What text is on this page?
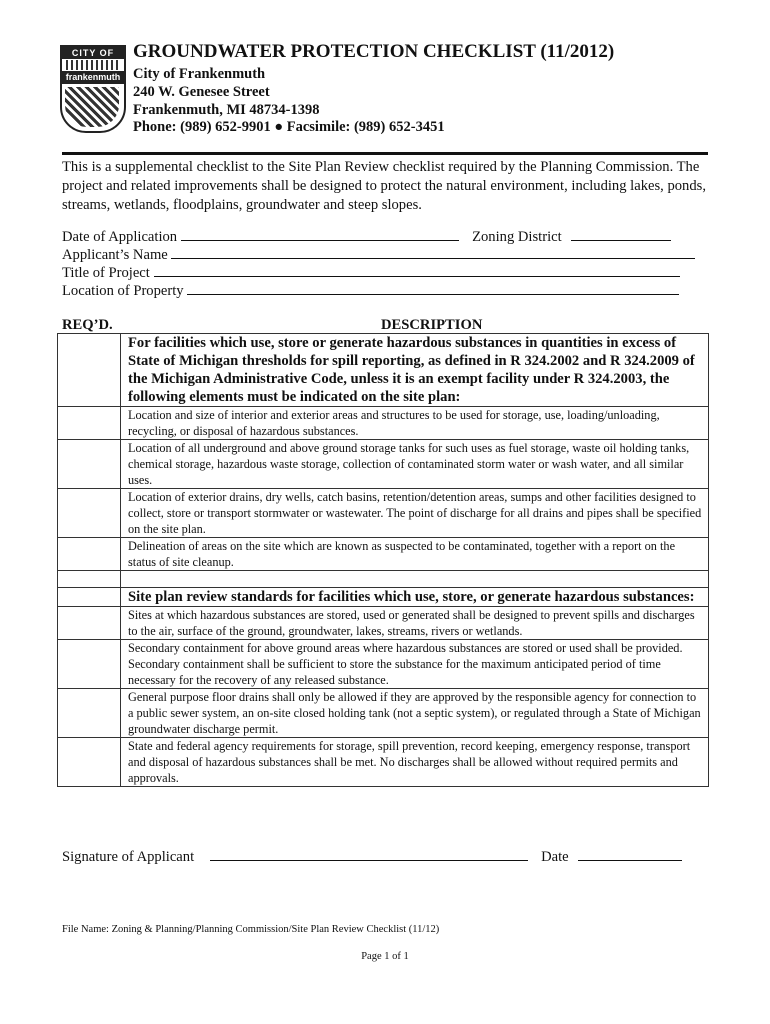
CITY OF
frankenmuth
GROUNDWATER PROTECTION CHECKLIST (11/2012)
City of Frankenmuth
240 W. Genesee Street
Frankenmuth, MI 48734-1398
Phone: (989) 652-9901 ● Facsimile: (989) 652-3451
This is a supplemental checklist to the Site Plan Review checklist required by the Planning Commission. The project and related improvements shall be designed to protect the natural environment, including lakes, ponds, streams, wetlands, floodplains, groundwater and steep slopes.
Date of Application	Zoning District
Applicant’s Name
Title of Project
Location of Property
REQ’D.	DESCRIPTION
	For facilities which use, store or generate hazardous substances in quantities in excess of State of Michigan thresholds for spill reporting, as defined in R 324.2002 and R 324.2009 of the Michigan Administrative Code, unless it is an exempt facility under R 324.2003, the following elements must be indicated on the site plan:
	Location and size of interior and exterior areas and structures to be used for storage, use, loading/unloading, recycling, or disposal of hazardous substances.
	Location of all underground and above ground storage tanks for such uses as fuel storage, waste oil holding tanks, chemical storage, hazardous waste storage, collection of contaminated storm water or wash water, and all similar uses.
	Location of exterior drains, dry wells, catch basins, retention/detention areas, sumps and other facilities designed to collect, store or transport stormwater or wastewater. The point of discharge for all drains and pipes shall be specified on the site plan.
	Delineation of areas on the site which are known as suspected to be contaminated, together with a report on the status of site cleanup.

	Site plan review standards for facilities which use, store, or generate hazardous substances:
	Sites at which hazardous substances are stored, used or generated shall be designed to prevent spills and discharges to the air, surface of the ground, groundwater, lakes, streams, rivers or wetlands.
	Secondary containment for above ground areas where hazardous substances are stored or used shall be provided. Secondary containment shall be sufficient to store the substance for the maximum anticipated period of time necessary for the recovery of any released substance.
	General purpose floor drains shall only be allowed if they are approved by the responsible agency for connection to a public sewer system, an on-site closed holding tank (not a septic system), or regulated through a State of Michigan groundwater discharge permit.
	State and federal agency requirements for storage, spill prevention, record keeping, emergency response, transport and disposal of hazardous substances shall be met. No discharges shall be allowed without required permits and approvals.
Signature of Applicant	Date
File Name: Zoning & Planning/Planning Commission/Site Plan Review Checklist (11/12)
Page 1 of 1
